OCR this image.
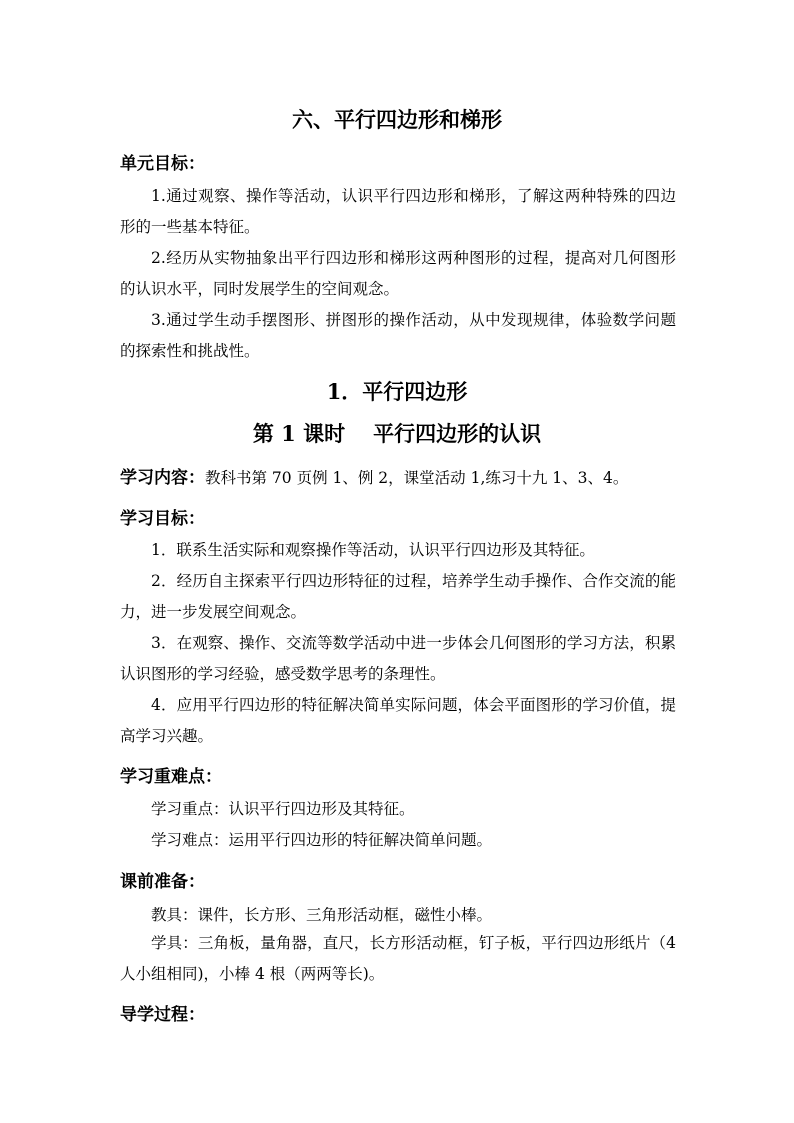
六、平行四边形和梯形
单元目标：

1.通过观察、操作等活动，认识平行四边形和梯形，了解这两种特殊的四边形的一些基本特征。

2.经历从实物抽象出平行四边形和梯形这两种图形的过程，提高对几何图形的认识水平，同时发展学生的空间观念。

3.通过学生动手摆图形、拼图形的操作活动，从中发现规律，体验数学问题的探索性和挑战性。

1．平行四边形
第 1 课时 平行四边形的认识
学习内容：教科书第 70 页例 1、例 2，课堂活动 1,练习十九 1、3、4。
学习目标：

1．联系生活实际和观察操作等活动，认识平行四边形及其特征。

2．经历自主探索平行四边形特征的过程，培养学生动手操作、合作交流的能力，进一步发展空间观念。

3．在观察、操作、交流等数学活动中进一步体会几何图形的学习方法，积累认识图形的学习经验，感受数学思考的条理性。

4．应用平行四边形的特征解决简单实际问题，体会平面图形的学习价值，提高学习兴趣。

学习重难点：
学习重点：认识平行四边形及其特征。
学习难点：运用平行四边形的特征解决简单问题。
课前准备：
教具：课件，长方形、三角形活动框，磁性小棒。

学具：三角板，量角器，直尺，长方形活动框，钉子板，平行四边形纸片（4 人小组相同)，小棒 4 根（两两等长)。

导学过程：
